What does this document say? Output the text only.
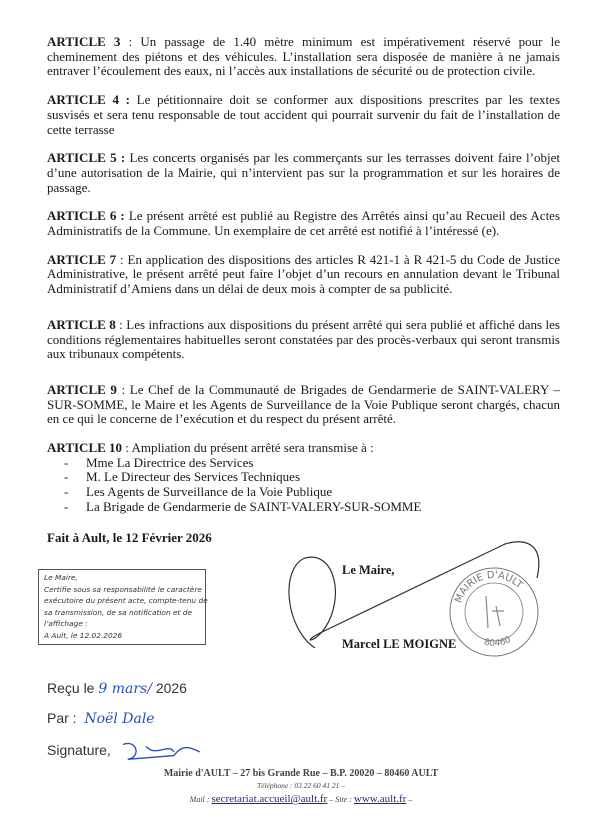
ARTICLE 3 : Un passage de 1.40 mètre minimum est impérativement réservé pour le cheminement des piétons et des véhicules. L’installation sera disposée de manière à ne jamais entraver l’écoulement des eaux, ni l’accès aux installations de sécurité ou de protection civile.

ARTICLE 4 : Le pétitionnaire doit se conformer aux dispositions prescrites par les textes susvisés et sera tenu responsable de tout accident qui pourrait survenir du fait de l’installation de cette terrasse

ARTICLE 5 : Les concerts organisés par les commerçants sur les terrasses doivent faire l’objet d’une autorisation de la Mairie, qui n’intervient pas sur la programmation et sur les horaires de passage.

ARTICLE 6 : Le présent arrêté est publié au Registre des Arrêtés ainsi qu’au Recueil des Actes Administratifs de la Commune. Un exemplaire de cet arrêté est notifié à l’intéressé (e).

ARTICLE 7 : En application des dispositions des articles R 421-1 à R 421-5 du Code de Justice Administrative, le présent arrêté peut faire l’objet d’un recours en annulation devant le Tribunal Administratif d’Amiens dans un délai de deux mois à compter de sa publicité.

ARTICLE 8 : Les infractions aux dispositions du présent arrêté qui sera publié et affiché dans les conditions réglementaires habituelles seront constatées par des procès-verbaux qui seront transmis aux tribunaux compétents.

ARTICLE 9 : Le Chef de la Communauté de Brigades de Gendarmerie de SAINT-VALERY – SUR-SOMME, le Maire et les Agents de Surveillance de la Voie Publique seront chargés, chacun en ce qui le concerne de l’exécution et du respect du présent arrêté.

ARTICLE 10 : Ampliation du présent arrêté sera transmise à :

- Mme La Directrice des Services
- M. Le Directeur des Services Techniques
- Les Agents de Surveillance de la Voie Publique
- La Brigade de Gendarmerie de SAINT-VALERY-SUR-SOMME
Fait à Ault, le 12 Février 2026
Le Maire,
Certifie sous sa responsabilité le caractère
exécutoire du présent acte, compte-tenu de
sa transmission, de sa notification et de
l’affichage :
A Ault, le 12.02.2026
MAIRIE D'AULT
80460
Le Maire,
Marcel LE MOIGNE
Reçu le 9 mars/ 2026
Par : Noël Dale
Signature,
Mairie d'AULT – 27 bis Grande Rue – B.P. 20020 – 80460 AULT
Téléphone : 03 22 60 41 21 –
Mail : secretariat.accueil@ault.fr – Site : www.ault.fr –
